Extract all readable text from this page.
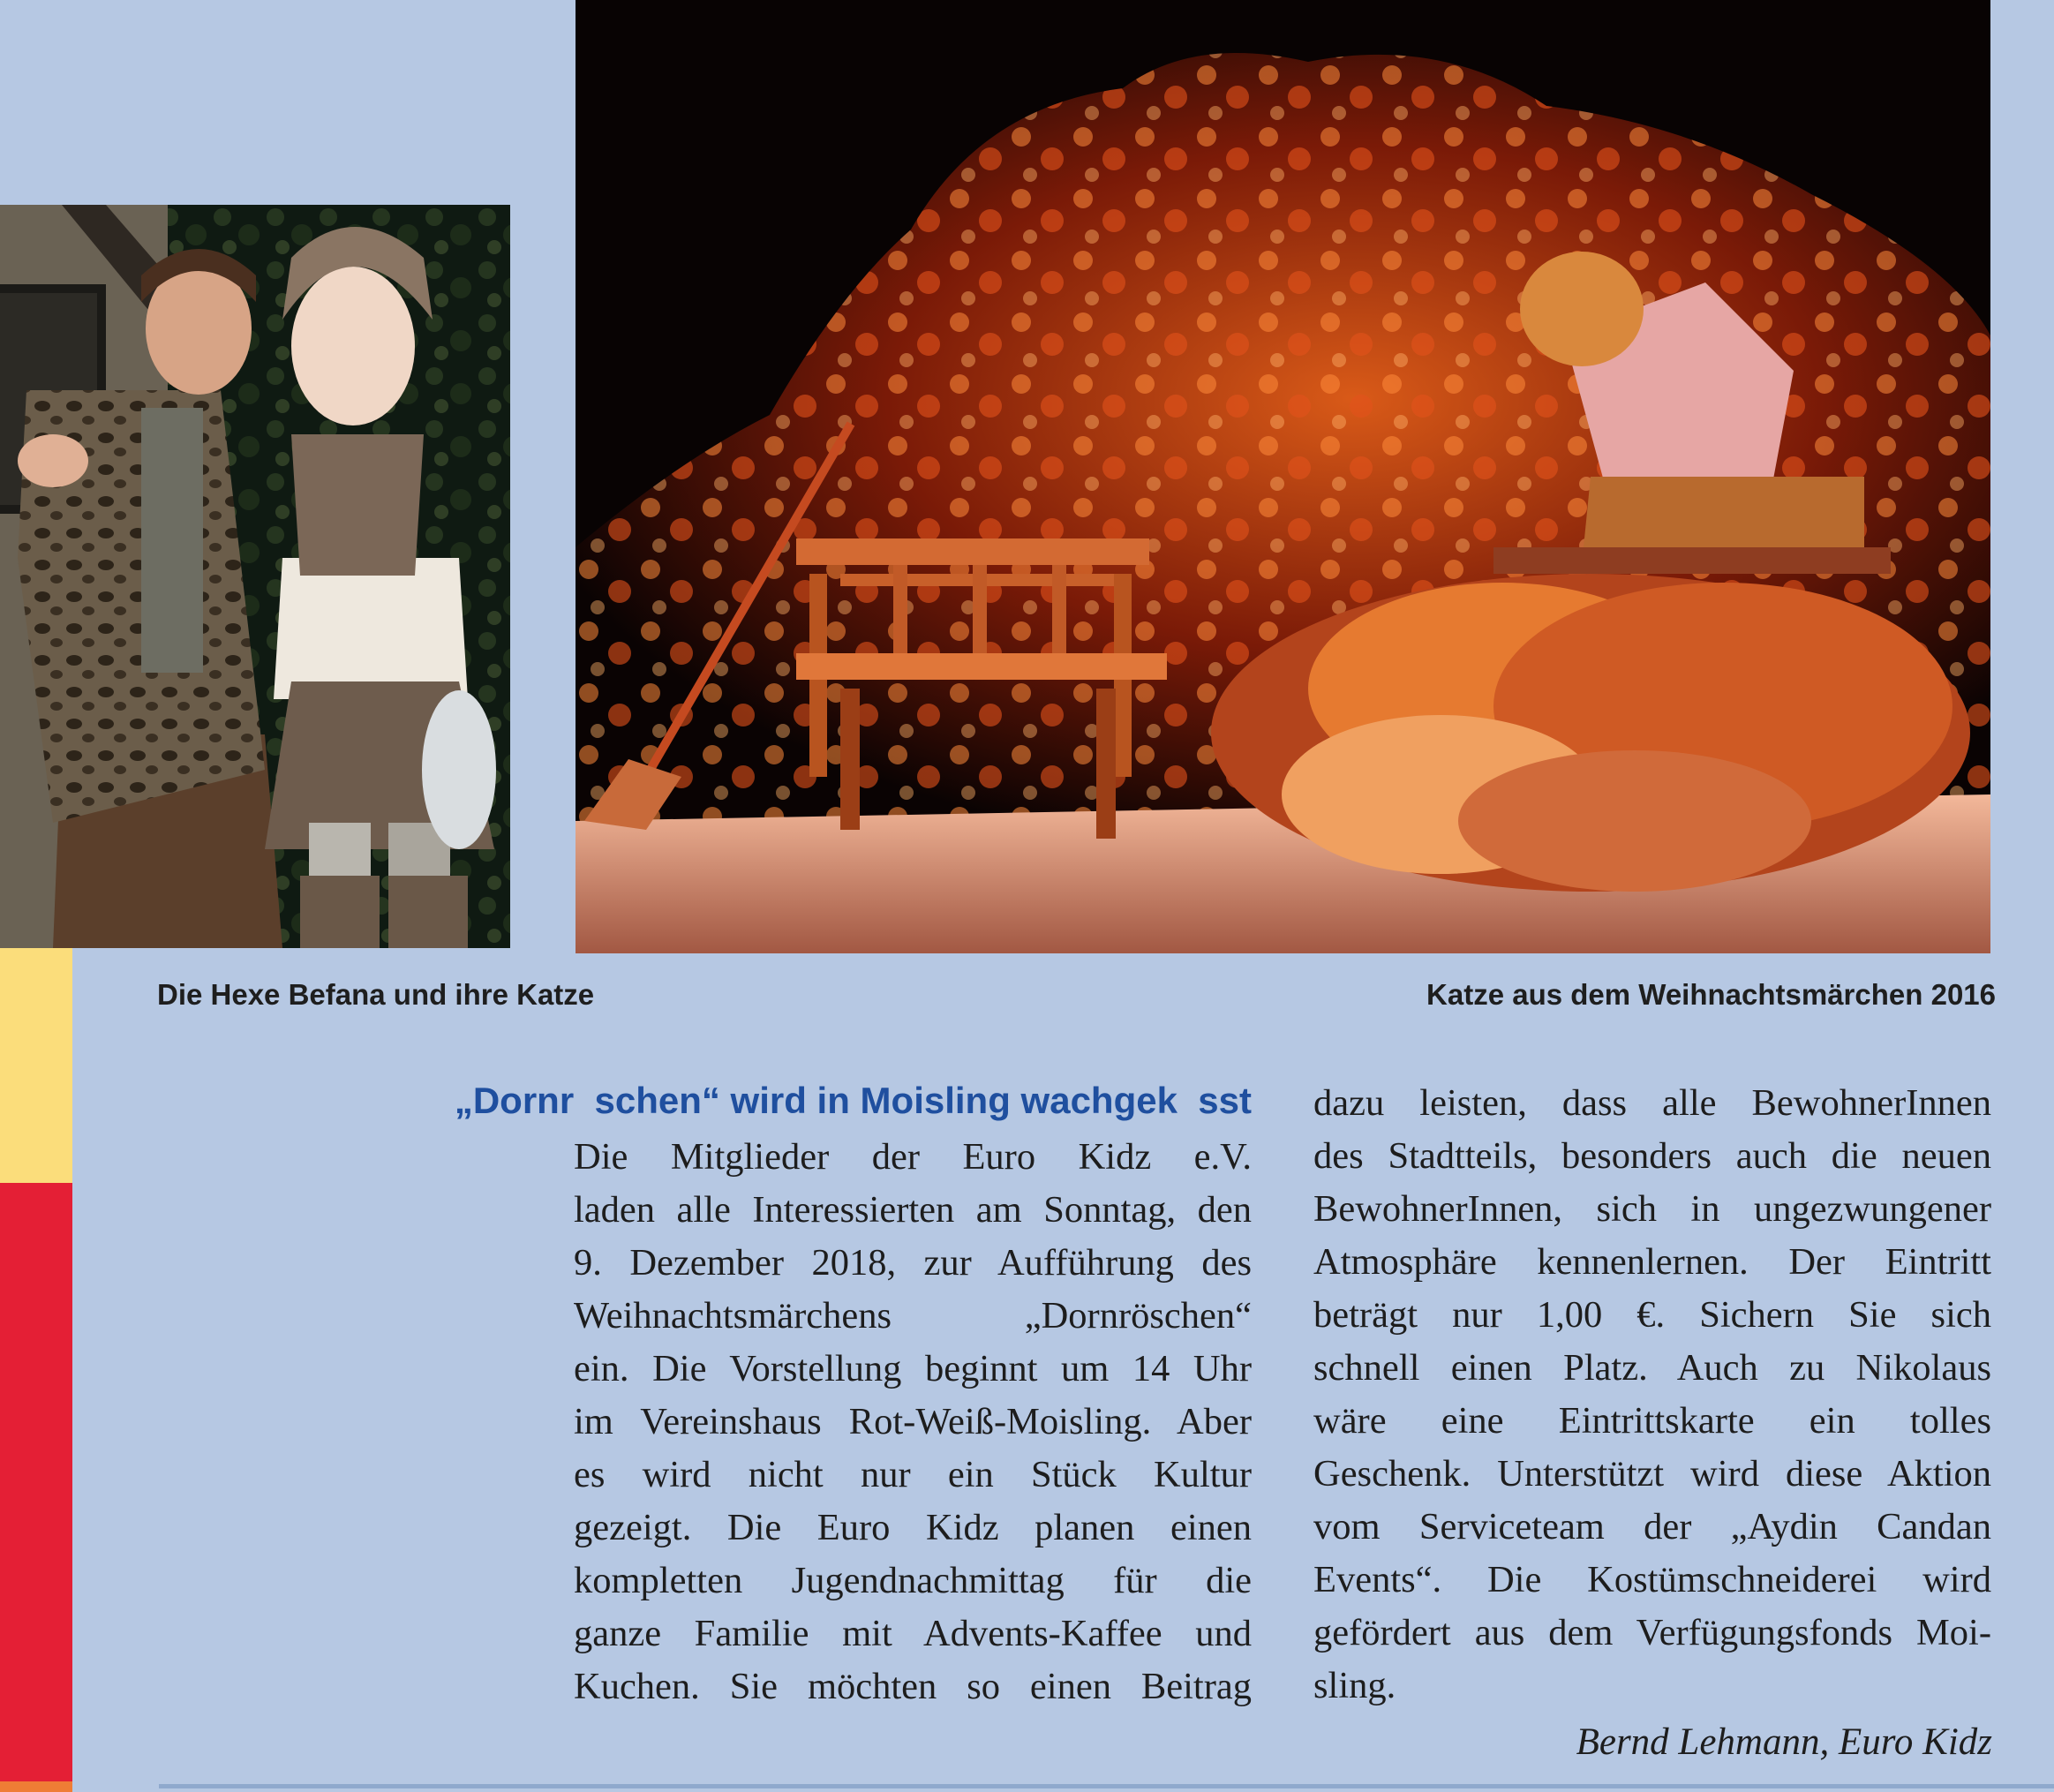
Die Hexe Befana und ihre Katze	Katze aus dem Weihnachtsmärchen 2016
„Dornr  schen“ wird in Moisling wachgek  sst
Die Mitglieder der Euro Kidz e.V.
laden alle Interessierten am Sonntag, den
9. Dezember 2018, zur Aufführung des
Weihnachtsmärchens „Dornröschen“
ein. Die Vorstellung beginnt um 14 Uhr
im Vereinshaus Rot-Weiß-Moisling. Aber
es wird nicht nur ein Stück Kultur
gezeigt. Die Euro Kidz planen einen
kompletten Jugendnachmittag für die
ganze Familie mit Advents-Kaffee und
Kuchen. Sie möchten so einen Beitrag
dazu leisten, dass alle BewohnerInnen
des Stadtteils, besonders auch die neuen
BewohnerInnen, sich in ungezwungener
Atmosphäre kennenlernen. Der Eintritt
beträgt nur 1,00 €. Sichern Sie sich
schnell einen Platz. Auch zu Nikolaus
wäre eine Eintrittskarte ein tolles
Geschenk. Unterstützt wird diese Aktion
vom Serviceteam der „Aydin Candan
Events“. Die Kostümschneiderei wird
gefördert aus dem Verfügungsfonds Moi-
sling.
Bernd Lehmann, Euro Kidz
